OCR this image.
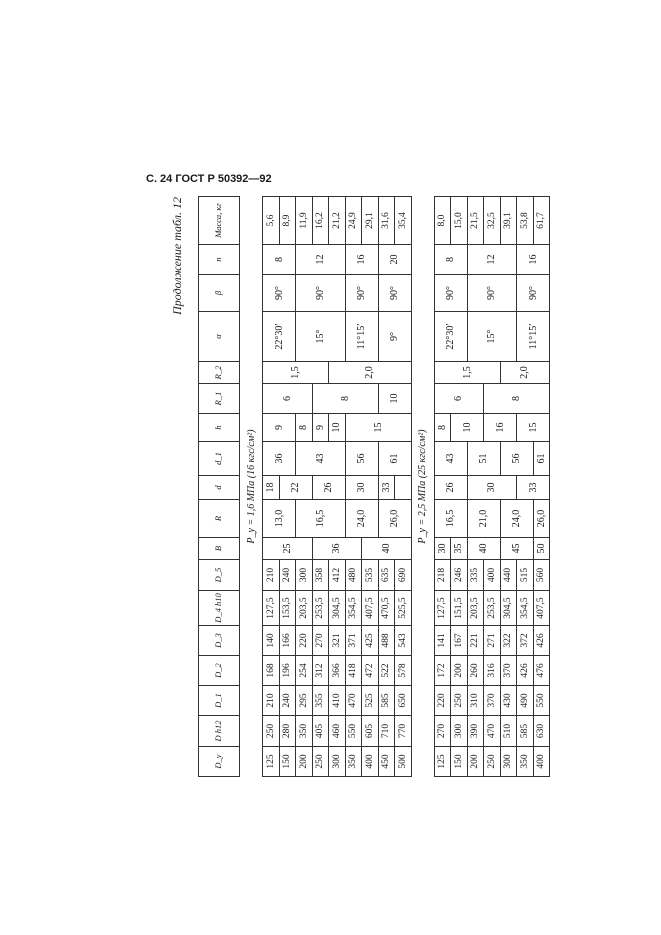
С. 24 ГОСТ Р 50392—92
Продолжение табл. 12
D_y	D h12	D_1	D_2	D_3	D_4 h10	D_5	B	R	d	d_1	h	R_1	R_2	α	β	n	Масса, кг
P_y = 1,6 МПа (16 кгс/см²)																	
125	250	210	168	140	127,5	210	25	13,0	18	36	9	6	1,5	22°30′	90°	8	5,6
150	280	240	196	166	153,5	240			22								8,9
200	350	295	254	220	203,5	300		16,5		43	8			15°	90°	12	11,9
250	405	355	312	270	253,5	358	36		26		9	8					16,2
300	460	410	366	321	304,5	412					10		2,0				21,2
350	550	470	418	371	354,5	480		24,0	30	56	15			11°15′	90°	16	24,9
400	605	525	472	425	407,5	535	40										29,1
450	710	585	522	488	470,5	635		26,0	33	61		10		9°	90°	20	31,6
500	770	650	578	543	525,5	690											35,4
P_y = 2,5 МПа (25 кгс/см²)																	
125	270	220	172	141	127,5	218	30	16,5	26	43	8	6	1,5	22°30′	90°	8	8,0
150	300	250	200	167	151,5	246	35				10						15,0
200	390	310	260	221	203,5	335	40	21,0	30	51				15°	90°	12	21,5
250	470	370	316	271	253,5	400					16	8					32,5
300	510	430	370	322	304,5	440	45	24,0		56			2,0				39,1
350	585	490	426	372	354,5	515			33		15			11°15′	90°	16	53,8
400	630	550	476	426	407,5	560	50	26,0		61							61,7
